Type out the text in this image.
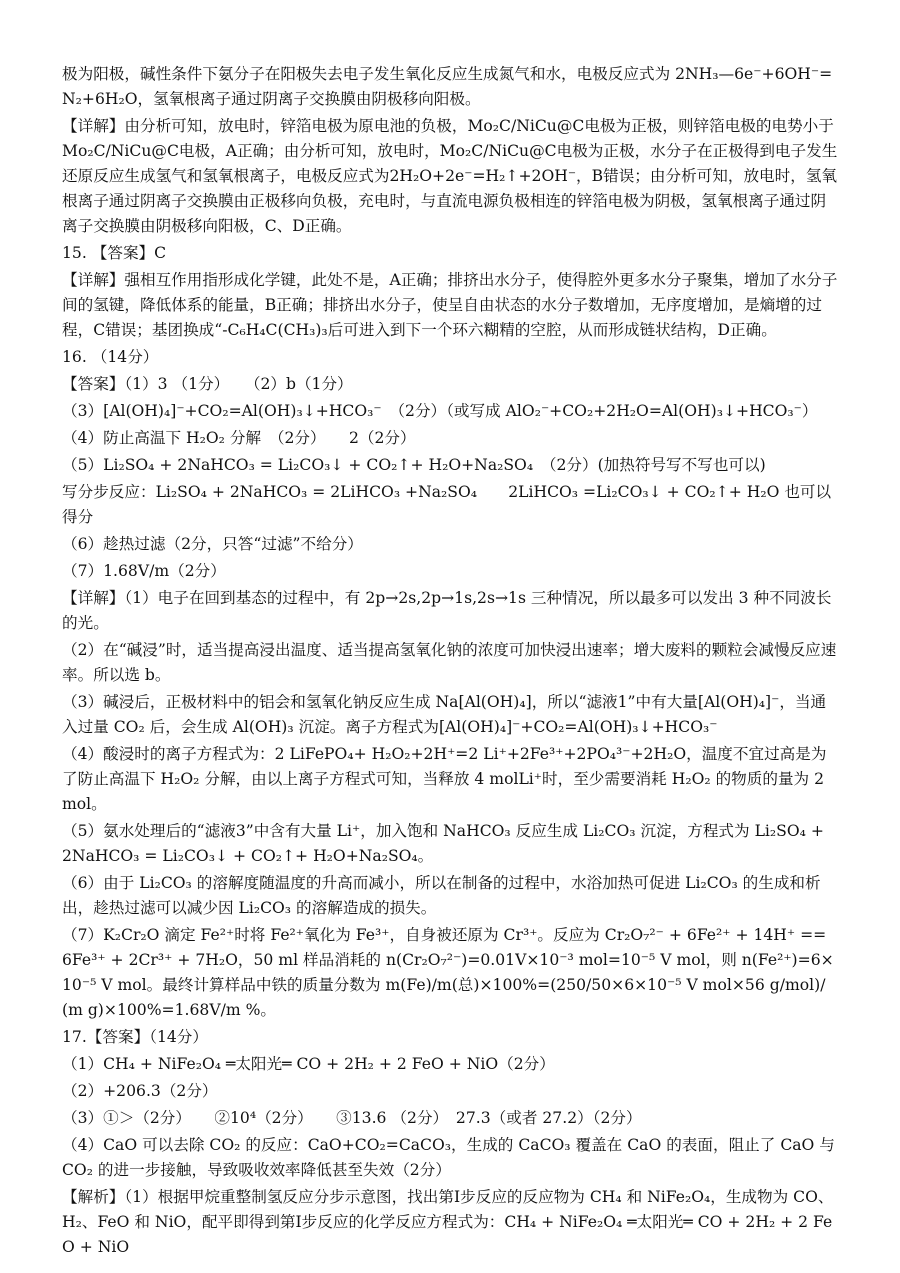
极为阳极，碱性条件下氨分子在阳极失去电子发生氧化反应生成氮气和水，电极反应式为 2NH₃—6e⁻+6OH⁻=N₂+6H₂O，氢氧根离子通过阴离子交换膜由阴极移向阳极。

【详解】由分析可知，放电时，锌箔电极为原电池的负极，Mo₂C/NiCu@C电极为正极，则锌箔电极的电势小于Mo₂C/NiCu@C电极，A正确；由分析可知，放电时，Mo₂C/NiCu@C电极为正极，水分子在正极得到电子发生还原反应生成氢气和氢氧根离子，电极反应式为2H₂O+2e⁻=H₂↑+2OH⁻，B错误；由分析可知，放电时，氢氧根离子通过阴离子交换膜由正极移向负极，充电时，与直流电源负极相连的锌箔电极为阴极，氢氧根离子通过阴离子交换膜由阴极移向阳极，C、D正确。

15. 【答案】C

【详解】强相互作用指形成化学键，此处不是，A正确；排挤出水分子，使得腔外更多水分子聚集，增加了水分子间的氢键，降低体系的能量，B正确；排挤出水分子，使呈自由状态的水分子数增加，无序度增加，是熵增的过程，C错误；基团换成“-C₆H₄C(CH₃)₃后可进入到下一个环六糊精的空腔，从而形成链状结构，D正确。

16. （14分）

【答案】（1）3 （1分）　　（2）b（1分）

（3）[Al(OH)₄]⁻+CO₂=Al(OH)₃↓+HCO₃⁻　（2分）（或写成 AlO₂⁻+CO₂+2H₂O=Al(OH)₃↓+HCO₃⁻）

（4）防止高温下 H₂O₂ 分解　（2分）　　2（2分）

（5）Li₂SO₄ + 2NaHCO₃ = Li₂CO₃↓ + CO₂↑+ H₂O+Na₂SO₄　（2分）(加热符号写不写也可以)

写分步反应：Li₂SO₄ + 2NaHCO₃ = 2LiHCO₃ +Na₂SO₄　　2LiHCO₃ =Li₂CO₃↓ + CO₂↑+ H₂O 也可以得分

（6）趁热过滤（2分，只答“过滤”不给分）

（7）1.68V/m（2分）

【详解】（1）电子在回到基态的过程中，有 2p→2s,2p→1s,2s→1s 三种情况，所以最多可以发出 3 种不同波长的光。

（2）在“碱浸”时，适当提高浸出温度、适当提高氢氧化钠的浓度可加快浸出速率；增大废料的颗粒会减慢反应速率。所以选 b。

（3）碱浸后，正极材料中的铝会和氢氧化钠反应生成 Na[Al(OH)₄]，所以“滤液1”中有大量[Al(OH)₄]⁻，当通入过量 CO₂ 后，会生成 Al(OH)₃ 沉淀。离子方程式为[Al(OH)₄]⁻+CO₂=Al(OH)₃↓+HCO₃⁻

（4）酸浸时的离子方程式为：2 LiFePO₄+ H₂O₂+2H⁺=2 Li⁺+2Fe³⁺+2PO₄³⁻+2H₂O，温度不宜过高是为了防止高温下 H₂O₂ 分解，由以上离子方程式可知，当释放 4 molLi⁺时，至少需要消耗 H₂O₂ 的物质的量为 2 mol。

（5）氨水处理后的“滤液3”中含有大量 Li⁺，加入饱和 NaHCO₃ 反应生成 Li₂CO₃ 沉淀，方程式为 Li₂SO₄ + 2NaHCO₃ = Li₂CO₃↓ + CO₂↑+ H₂O+Na₂SO₄。

（6）由于 Li₂CO₃ 的溶解度随温度的升高而减小，所以在制备的过程中，水浴加热可促进 Li₂CO₃ 的生成和析出，趁热过滤可以减少因 Li₂CO₃ 的溶解造成的损失。

（7）K₂Cr₂O 滴定 Fe²⁺时将 Fe²⁺氧化为 Fe³⁺，自身被还原为 Cr³⁺。反应为 Cr₂O₇²⁻ + 6Fe²⁺ + 14H⁺ == 6Fe³⁺ + 2Cr³⁺ + 7H₂O，50 ml 样品消耗的 n(Cr₂O₇²⁻)=0.01V×10⁻³ mol=10⁻⁵ V mol，则 n(Fe²⁺)=6×10⁻⁵ V mol。最终计算样品中铁的质量分数为 m(Fe)/m(总)×100%=(250/50×6×10⁻⁵ V mol×56 g/mol)/(m g)×100%=1.68V/m %。

17.【答案】（14分）

（1）CH₄ + NiFe₂O₄ ═太阳光═ CO + 2H₂ + 2 FeO + NiO（2分）

（2）+206.3（2分）

（3）①＞（2分）　　②10⁴（2分）　　③13.6 （2分）　27.3（或者 27.2）（2分）

（4）CaO 可以去除 CO₂ 的反应：CaO+CO₂=CaCO₃，生成的 CaCO₃ 覆盖在 CaO 的表面，阻止了 CaO 与 CO₂ 的进一步接触，导致吸收效率降低甚至失效（2分）

【解析】（1）根据甲烷重整制氢反应分步示意图，找出第Ⅰ步反应的反应物为 CH₄ 和 NiFe₂O₄，生成物为 CO、H₂、FeO 和 NiO，配平即得到第Ⅰ步反应的化学反应方程式为：CH₄ + NiFe₂O₄ ═太阳光═ CO + 2H₂ + 2 FeO + NiO
